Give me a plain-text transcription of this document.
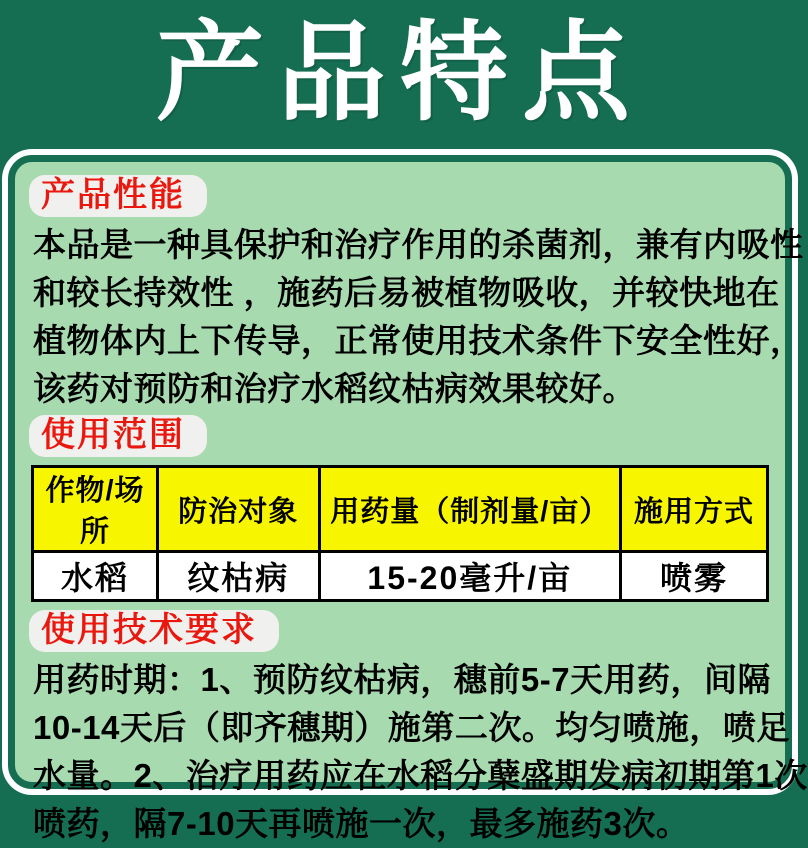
产品特点
产品性能
本品是一种具保护和治疗作用的杀菌剂，兼有内吸性
和较长持效性 ，施药后易被植物吸收，并较快地在
植物体内上下传导，正常使用技术条件下安全性好，
该药对预防和治疗水稻纹枯病效果较好。
使用范围
作物/场所	防治对象	用药量（制剂量/亩）	施用方式
水稻	纹枯病	15-20毫升/亩	喷雾
使用技术要求
用药时期：1、预防纹枯病，穗前5-7天用药，间隔
10-14天后（即齐穗期）施第二次。均匀喷施，喷足
水量。2、治疗用药应在水稻分蘖盛期发病初期第1次
喷药，隔7-10天再喷施一次，最多施药3次。
